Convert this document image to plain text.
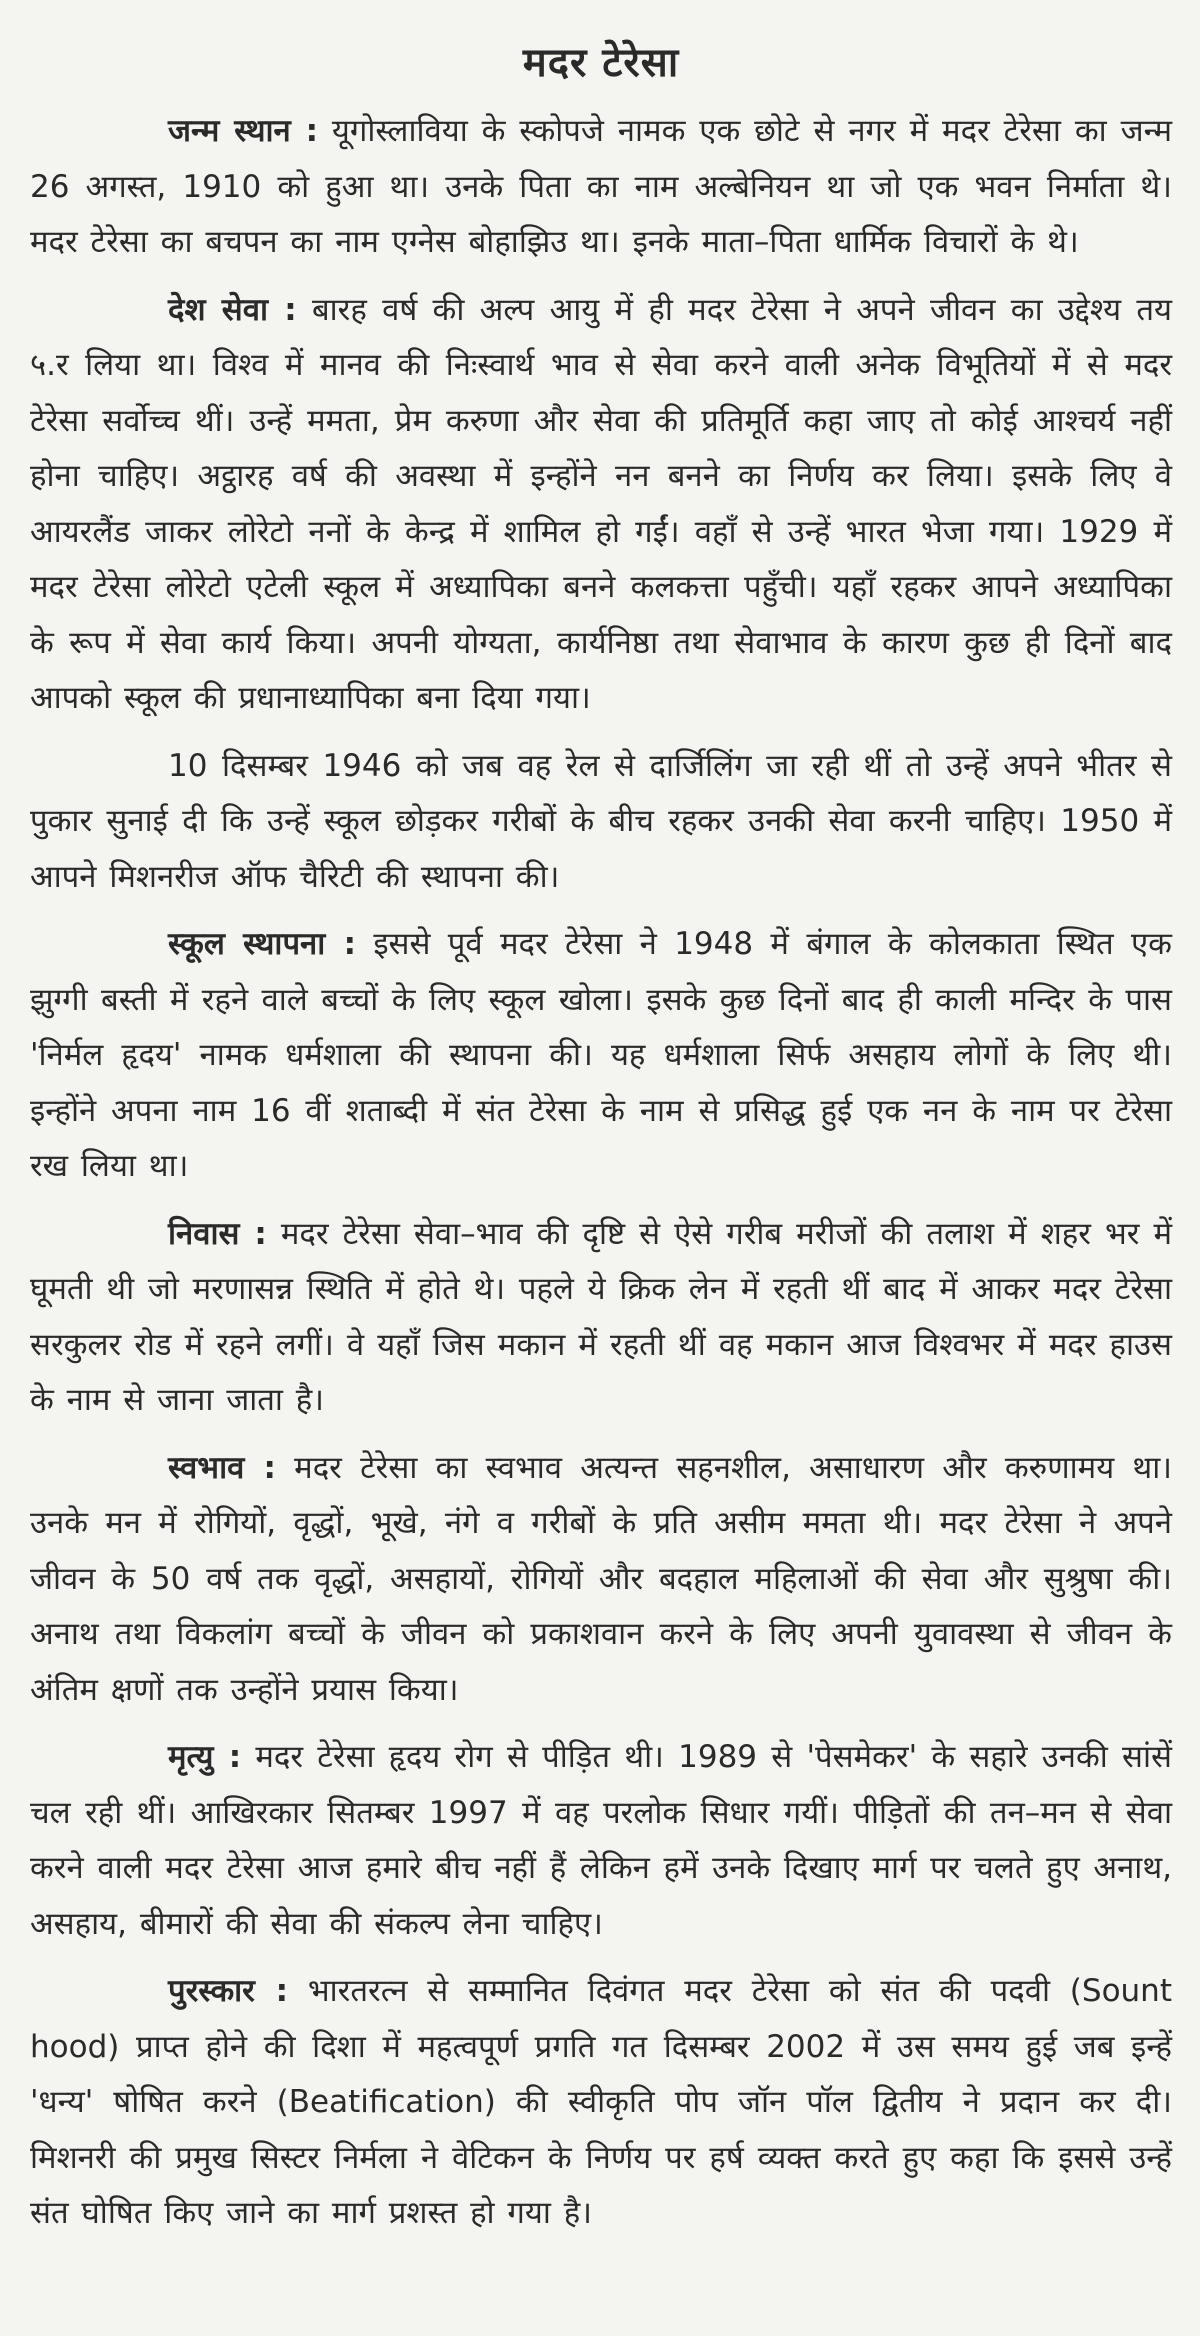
मदर टेरेसा

जन्म स्थान : यूगोस्लाविया के स्कोपजे नामक एक छोटे से नगर में मदर टेरेसा का जन्म 26 अगस्त, 1910 को हुआ था। उनके पिता का नाम अल्बेनियन था जो एक भवन निर्माता थे। मदर टेरेसा का बचपन का नाम एग्नेस बोहाझिउ था। इनके माता–पिता धार्मिक विचारों के थे।

देश सेवा : बारह वर्ष की अल्प आयु में ही मदर टेरेसा ने अपने जीवन का उद्देश्य तय ५.र लिया था। विश्व में मानव की निःस्वार्थ भाव से सेवा करने वाली अनेक विभूतियों में से मदर टेरेसा सर्वोच्च थीं। उन्हें ममता, प्रेम करुणा और सेवा की प्रतिमूर्ति कहा जाए तो कोई आश्चर्य नहीं होना चाहिए। अट्ठारह वर्ष की अवस्था में इन्होंने नन बनने का निर्णय कर लिया। इसके लिए वे आयरलैंड जाकर लोरेटो ननों के केन्द्र में शामिल हो गईं। वहाँ से उन्हें भारत भेजा गया। 1929 में मदर टेरेसा लोरेटो एटेली स्कूल में अध्यापिका बनने कलकत्ता पहुँची। यहाँ रहकर आपने अध्यापिका के रूप में सेवा कार्य किया। अपनी योग्यता, कार्यनिष्ठा तथा सेवाभाव के कारण कुछ ही दिनों बाद आपको स्कूल की प्रधानाध्यापिका बना दिया गया।

10 दिसम्बर 1946 को जब वह रेल से दार्जिलिंग जा रही थीं तो उन्हें अपने भीतर से पुकार सुनाई दी कि उन्हें स्कूल छोड़कर गरीबों के बीच रहकर उनकी सेवा करनी चाहिए। 1950 में आपने मिशनरीज ऑफ चैरिटी की स्थापना की।

स्कूल स्थापना : इससे पूर्व मदर टेरेसा ने 1948 में बंगाल के कोलकाता स्थित एक झुग्गी बस्ती में रहने वाले बच्चों के लिए स्कूल खोला। इसके कुछ दिनों बाद ही काली मन्दिर के पास 'निर्मल हृदय' नामक धर्मशाला की स्थापना की। यह धर्मशाला सिर्फ असहाय लोगों के लिए थी। इन्होंने अपना नाम 16 वीं शताब्दी में संत टेरेसा के नाम से प्रसिद्ध हुई एक नन के नाम पर टेरेसा रख लिया था।

निवास : मदर टेरेसा सेवा–भाव की दृष्टि से ऐसे गरीब मरीजों की तलाश में शहर भर में घूमती थी जो मरणासन्न स्थिति में होते थे। पहले ये क्रिक लेन में रहती थीं बाद में आकर मदर टेरेसा सरकुलर रोड में रहने लगीं। वे यहाँ जिस मकान में रहती थीं वह मकान आज विश्वभर में मदर हाउस के नाम से जाना जाता है।

स्वभाव : मदर टेरेसा का स्वभाव अत्यन्त सहनशील, असाधारण और करुणामय था। उनके मन में रोगियों, वृद्धों, भूखे, नंगे व गरीबों के प्रति असीम ममता थी। मदर टेरेसा ने अपने जीवन के 50 वर्ष तक वृद्धों, असहायों, रोगियों और बदहाल महिलाओं की सेवा और सुश्रुषा की। अनाथ तथा विकलांग बच्चों के जीवन को प्रकाशवान करने के लिए अपनी युवावस्था से जीवन के अंतिम क्षणों तक उन्होंने प्रयास किया।

मृत्यु : मदर टेरेसा हृदय रोग से पीड़ित थी। 1989 से 'पेसमेकर' के सहारे उनकी सांसें चल रही थीं। आखिरकार सितम्बर 1997 में वह परलोक सिधार गयीं। पीड़ितों की तन–मन से सेवा करने वाली मदर टेरेसा आज हमारे बीच नहीं हैं लेकिन हमें उनके दिखाए मार्ग पर चलते हुए अनाथ, असहाय, बीमारों की सेवा की संकल्प लेना चाहिए।

पुरस्कार : भारतरत्न से सम्मानित दिवंगत मदर टेरेसा को संत की पदवी (Sount hood) प्राप्त होने की दिशा में महत्वपूर्ण प्रगति गत दिसम्बर 2002 में उस समय हुई जब इन्हें 'धन्य' षोषित करने (Beatification) की स्वीकृति पोप जॉन पॉल द्वितीय ने प्रदान कर दी। मिशनरी की प्रमुख सिस्टर निर्मला ने वेटिकन के निर्णय पर हर्ष व्यक्त करते हुए कहा कि इससे उन्हें संत घोषित किए जाने का मार्ग प्रशस्त हो गया है।
